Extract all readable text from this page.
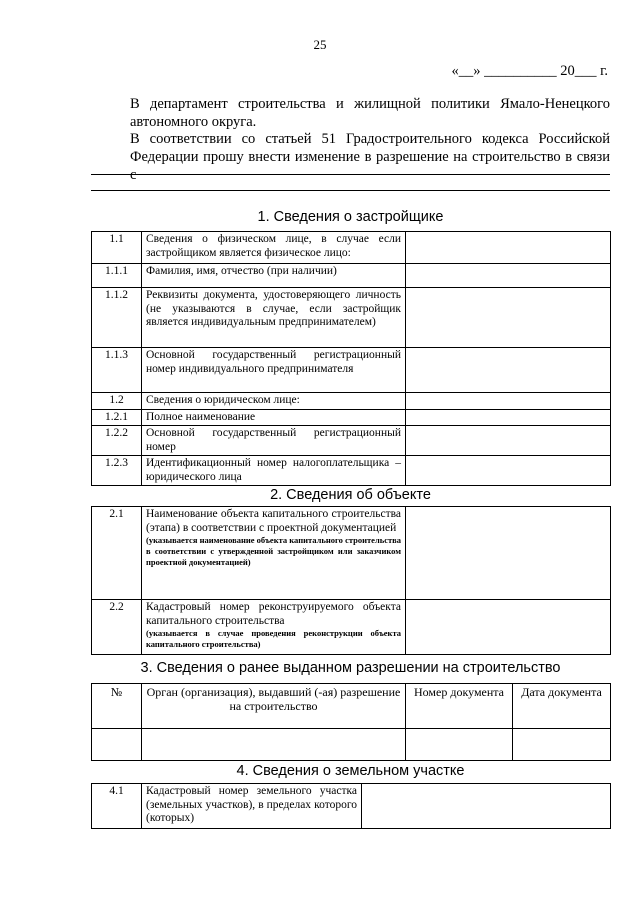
25
«__» __________ 20___ г.
В департамент строительства и жилищной политики Ямало-Ненецкого автономного округа.
В соответствии со статьей 51 Градостроительного кодекса Российской Федерации прошу внести изменение в разрешение на строительство в связи с
1. Сведения о застройщике
1.1	Сведения о физическом лице, в случае если застройщиком является физическое лицо:	
1.1.1	Фамилия, имя, отчество (при наличии)	
1.1.2	Реквизиты документа, удостоверяющего личность (не указываются в случае, если застройщик является индивидуальным предпринимателем)	
1.1.3	Основной государственный регистрационный номер индивидуального предпринимателя	
1.2	Сведения о юридическом лице:	
1.2.1	Полное наименование	
1.2.2	Основной государственный регистрационный номер	
1.2.3	Идентификационный номер налогоплательщика – юридического лица	
2. Сведения об объекте
2.1	Наименование объекта капитального строительства (этапа) в соответствии с проектной документацией
(указывается наименование объекта капитального строительства в соответствии с утвержденной застройщиком или заказчиком проектной документацией)	

2.2	Кадастровый номер реконструируемого объекта капитального строительства
(указывается в случае проведения реконструкции объекта капитального строительства)	

3. Сведения о ранее выданном разрешении на строительство
№	Орган (организация), выдавший (-ая) разрешение на строительство	Номер документа	Дата документа

4. Сведения о земельном участке
4.1	Кадастровый номер земельного участка (земельных участков), в пределах которого (которых)	
